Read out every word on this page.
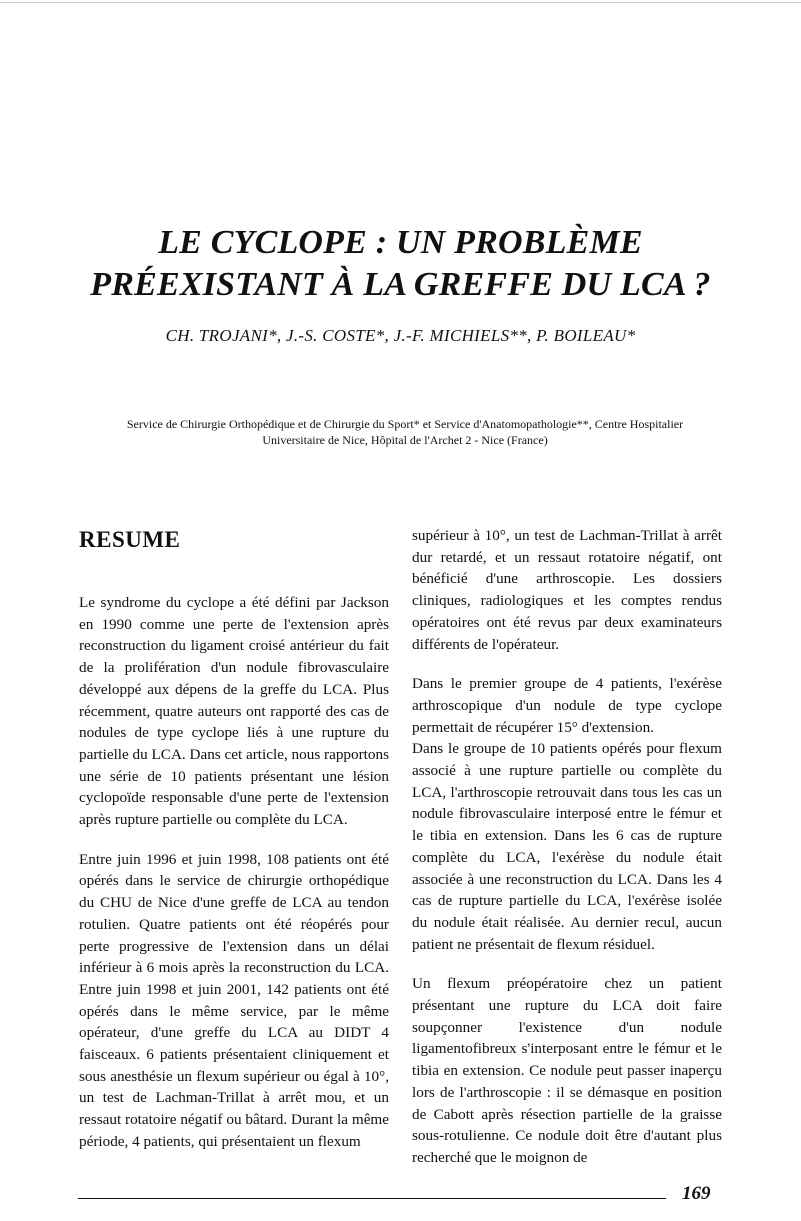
LE CYCLOPE : UN PROBLÈME

PRÉEXISTANT À LA GREFFE DU LCA ?

CH. TROJANI*, J.-S. COSTE*, J.-F. MICHIELS**, P. BOILEAU*
Service de Chirurgie Orthopédique et de Chirurgie du Sport* et Service d'Anatomopathologie**, Centre Hospitalier
Universitaire de Nice, Hôpital de l'Archet 2 - Nice (France)
RESUME

Le syndrome du cyclope a été défini par Jackson en 1990 comme une perte de l'extension après reconstruction du ligament croisé antérieur du fait de la prolifération d'un nodule fibrovasculaire développé aux dépens de la greffe du LCA. Plus récemment, quatre auteurs ont rapporté des cas de nodules de type cyclope liés à une rupture du partielle du LCA. Dans cet article, nous rapportons une série de 10 patients présentant une lésion cyclopoïde responsable d'une perte de l'extension après rupture partielle ou complète du LCA.

Entre juin 1996 et juin 1998, 108 patients ont été opérés dans le service de chirurgie orthopédique du CHU de Nice d'une greffe de LCA au tendon rotulien. Quatre patients ont été réopérés pour perte progressive de l'extension dans un délai inférieur à 6 mois après la reconstruction du LCA. Entre juin 1998 et juin 2001, 142 patients ont été opérés dans le même service, par le même opérateur, d'une greffe du LCA au DIDT 4 faisceaux. 6 patients présentaient cliniquement et sous anesthésie un flexum supérieur ou égal à 10°, un test de Lachman-Trillat à arrêt mou, et un ressaut rotatoire négatif ou bâtard. Durant la même période, 4 patients, qui présentaient un flexum

supérieur à 10°, un test de Lachman-Trillat à arrêt dur retardé, et un ressaut rotatoire négatif, ont bénéficié d'une arthroscopie. Les dossiers cliniques, radiologiques et les comptes rendus opératoires ont été revus par deux examinateurs différents de l'opérateur.

Dans le premier groupe de 4 patients, l'exérèse arthroscopique d'un nodule de type cyclope permettait de récupérer 15° d'extension.

Dans le groupe de 10 patients opérés pour flexum associé à une rupture partielle ou complète du LCA, l'arthroscopie retrouvait dans tous les cas un nodule fibrovasculaire interposé entre le fémur et le tibia en extension. Dans les 6 cas de rupture complète du LCA, l'exérèse du nodule était associée à une reconstruction du LCA. Dans les 4 cas de rupture partielle du LCA, l'exérèse isolée du nodule était réalisée. Au dernier recul, aucun patient ne présentait de flexum résiduel.

Un flexum préopératoire chez un patient présentant une rupture du LCA doit faire soupçonner l'existence d'un nodule ligamentofibreux s'interposant entre le fémur et le tibia en extension. Ce nodule peut passer inaperçu lors de l'arthroscopie : il se démasque en position de Cabott après résection partielle de la graisse sous-rotulienne. Ce nodule doit être d'autant plus recherché que le moignon de

169
